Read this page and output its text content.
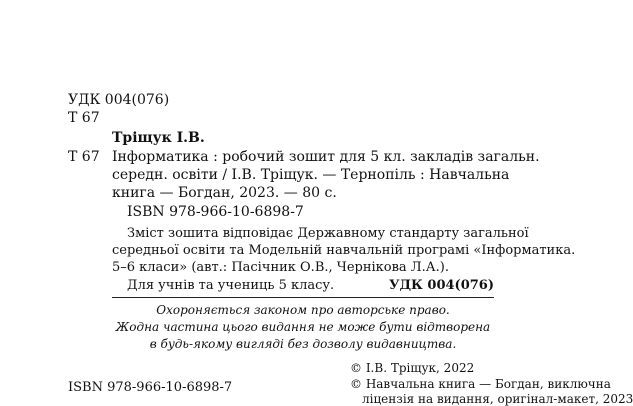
УДК 004(076)
Т 67
Тріщук І.В.
Т 67 Інформатика : робочий зошит для 5 кл. закладів загальн.
середн. освіти / І.В. Тріщук. — Тернопіль : Навчальна
книга — Богдан, 2023. — 80 с.
ISBN 978-966-10-6898-7
Зміст зошита відповідає Державному стандарту загальної
середньої освіти та Модельній навчальній програмі «Інформатика.
5–6 класи» (авт.: Пасічник О.В., Чернікова Л.А.).
Для учнів та учениць 5 класу.	УДК 004(076)
Охороняється законом про авторське право.
Жодна частина цього видання не може бути відтворена
в будь-якому вигляді без дозволу видавництва.
ISBN 978-966-10-6898-7
© І.В. Тріщук, 2022
© Навчальна книга — Богдан, виключна
ліцензія на видання, оригінал-макет, 2023
